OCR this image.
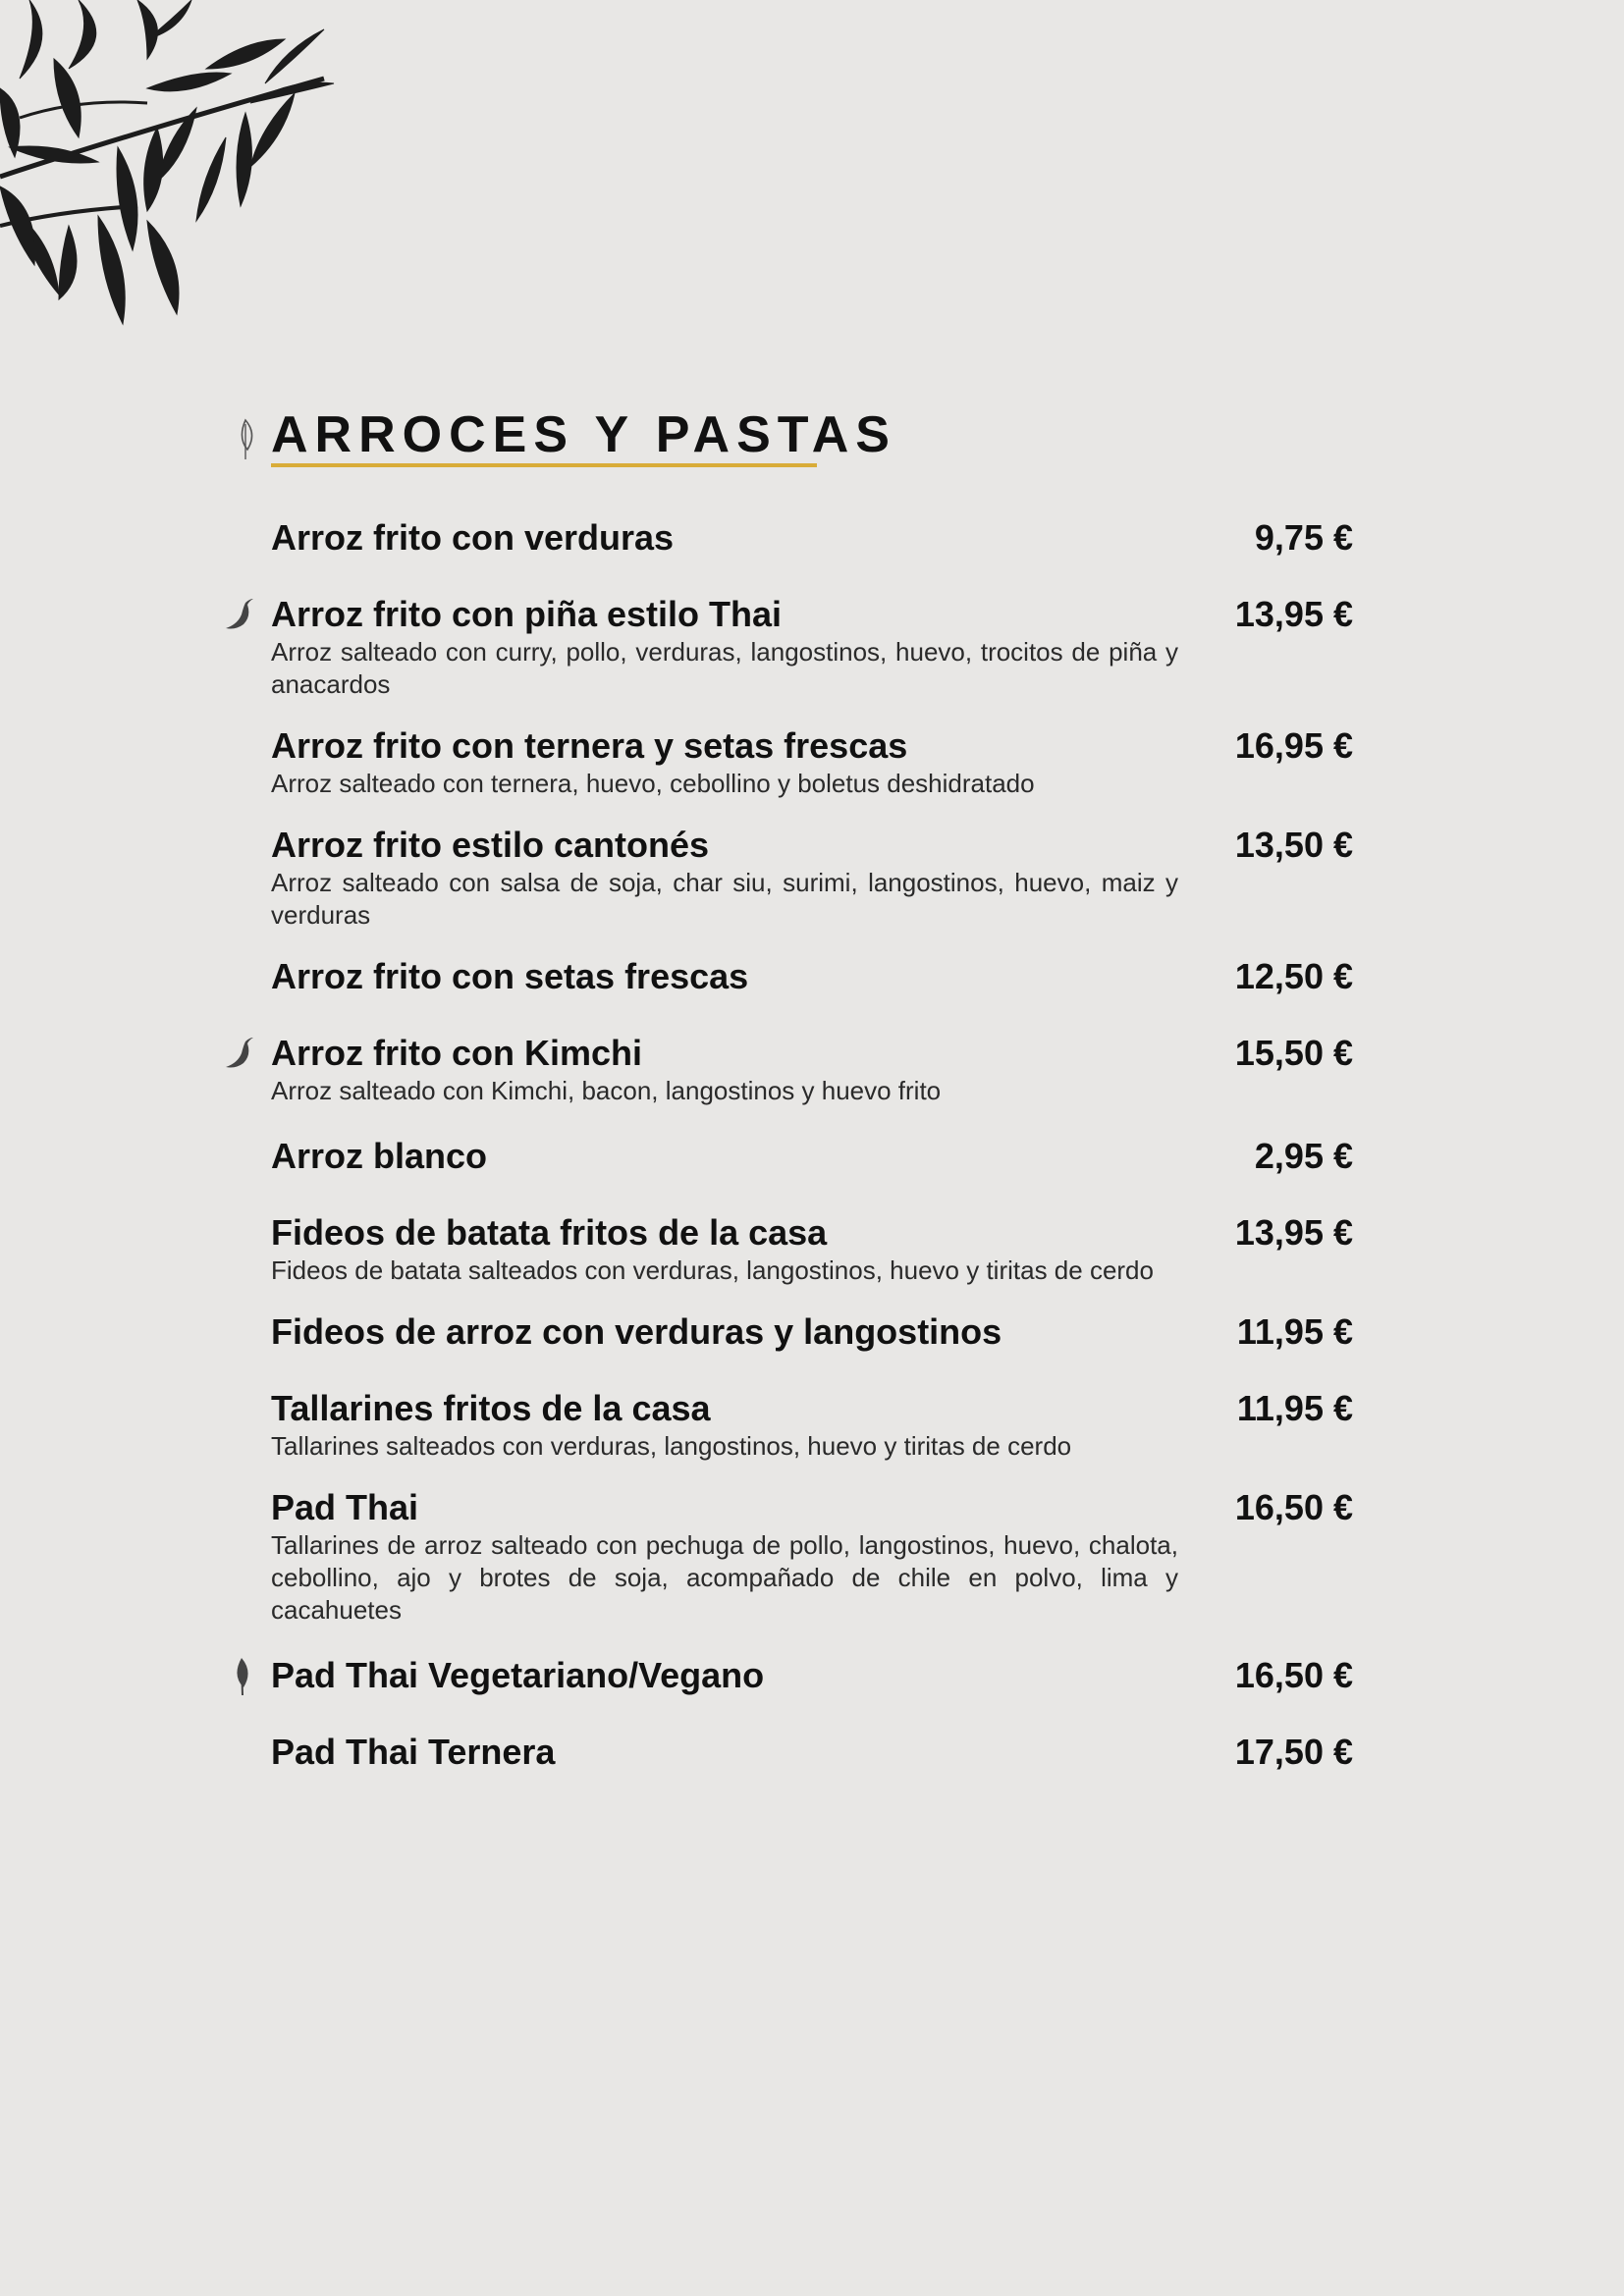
ARROCES Y PASTAS
Arroz frito con verduras	9,75 €
Arroz frito con piña estilo Thai	13,95 €
Arroz salteado con curry, pollo, verduras, langostinos, huevo, trocitos de piña y anacardos
Arroz frito con ternera y setas frescas	16,95 €
Arroz salteado con ternera, huevo, cebollino y boletus deshidratado
Arroz frito estilo cantonés	13,50 €
Arroz salteado con salsa de soja, char siu, surimi, langostinos, huevo, maiz y verduras
Arroz frito con setas frescas	12,50 €
Arroz frito con Kimchi	15,50 €
Arroz salteado con Kimchi, bacon, langostinos y huevo frito
Arroz blanco	2,95 €
Fideos de batata fritos de la casa	13,95 €
Fideos de batata salteados con verduras, langostinos, huevo y tiritas de cerdo
Fideos de arroz con verduras y langostinos	11,95 €
Tallarines fritos de la casa	11,95 €
Tallarines salteados con verduras, langostinos, huevo y tiritas de cerdo
Pad Thai	16,50 €
Tallarines de arroz salteado con pechuga de pollo, langostinos, huevo, chalota, cebollino, ajo y brotes de soja, acompañado de chile en polvo, lima y cacahuetes
Pad Thai Vegetariano/Vegano	16,50 €
Pad Thai Ternera	17,50 €
